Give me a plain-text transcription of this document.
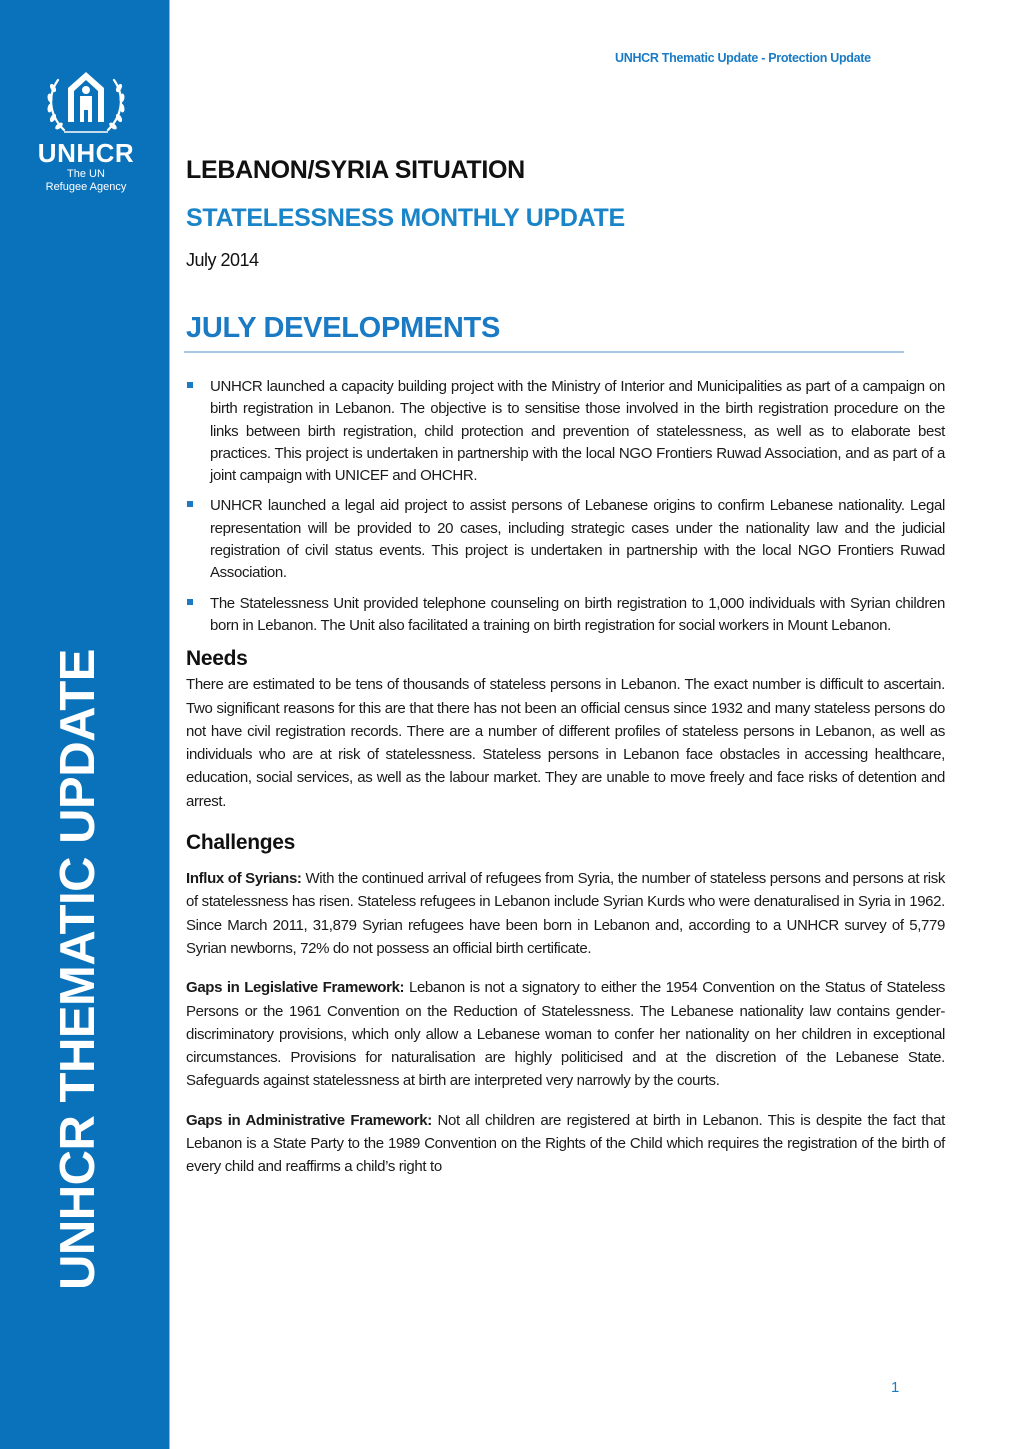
UNHCR
The UN
Refugee Agency
UNHCR THEMATIC UPDATE
UNHCR Thematic Update - Protection Update
LEBANON/SYRIA SITUATION
STATELESSNESS MONTHLY UPDATE
July 2014
JULY DEVELOPMENTS
UNHCR launched a capacity building project with the Ministry of Interior and Municipalities as part of a campaign on birth registration in Lebanon. The objective is to sensitise those involved in the birth registration procedure on the links between birth registration, child protection and prevention of statelessness, as well as to elaborate best practices. This project is undertaken in partnership with the local NGO Frontiers Ruwad Association, and as part of a joint campaign with UNICEF and OHCHR.
UNHCR launched a legal aid project to assist persons of Lebanese origins to confirm Lebanese nationality. Legal representation will be provided to 20 cases, including strategic cases under the nationality law and the judicial registration of civil status events. This project is undertaken in partnership with the local NGO Frontiers Ruwad Association.
The Statelessness Unit provided telephone counseling on birth registration to 1,000 individuals with Syrian children born in Lebanon. The Unit also facilitated a training on birth registration for social workers in Mount Lebanon.
Needs

There are estimated to be tens of thousands of stateless persons in Lebanon. The exact number is difficult to ascertain. Two significant reasons for this are that there has not been an official census since 1932 and many stateless persons do not have civil registration records. There are a number of different profiles of stateless persons in Lebanon, as well as individuals who are at risk of statelessness. Stateless persons in Lebanon face obstacles in accessing healthcare, education, social services, as well as the labour market. They are unable to move freely and face risks of detention and arrest.

Challenges

Influx of Syrians: With the continued arrival of refugees from Syria, the number of stateless persons and persons at risk of statelessness has risen. Stateless refugees in Lebanon include Syrian Kurds who were denaturalised in Syria in 1962. Since March 2011, 31,879 Syrian refugees have been born in Lebanon and, according to a UNHCR survey of 5,779 Syrian newborns, 72% do not possess an official birth certificate.

Gaps in Legislative Framework: Lebanon is not a signatory to either the 1954 Convention on the Status of Stateless Persons or the 1961 Convention on the Reduction of Statelessness. The Lebanese nationality law contains gender-discriminatory provisions, which only allow a Lebanese woman to confer her nationality on her children in exceptional circumstances. Provisions for naturalisation are highly politicised and at the discretion of the Lebanese State. Safeguards against statelessness at birth are interpreted very narrowly by the courts.

Gaps in Administrative Framework: Not all children are registered at birth in Lebanon. This is despite the fact that Lebanon is a State Party to the 1989 Convention on the Rights of the Child which requires the registration of the birth of every child and reaffirms a child’s right to

1
